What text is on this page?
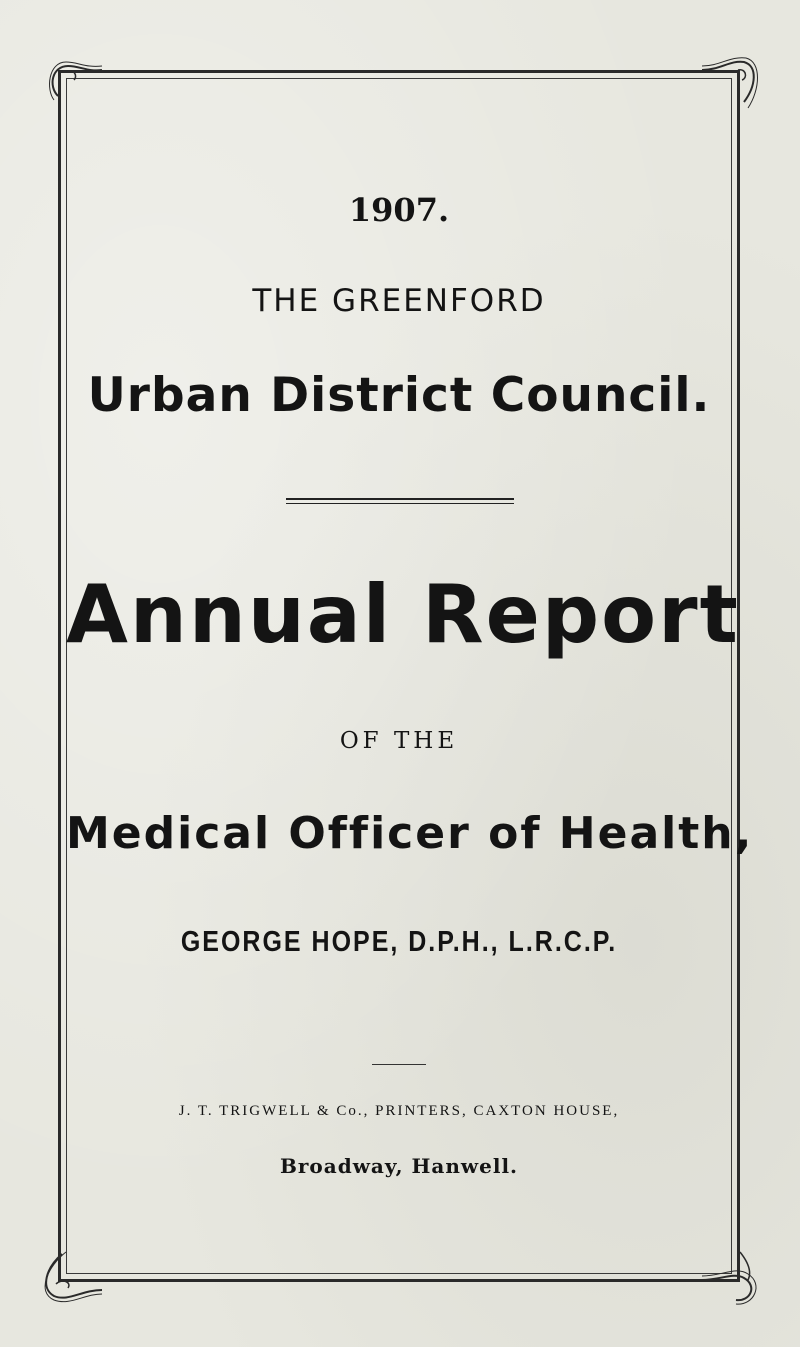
1907.
THE GREENFORD
Urban District Council.
Annual Report
OF THE
Medical Officer of Health,
GEORGE HOPE, D.P.H., L.R.C.P.
J. T. TRIGWELL & Co., PRINTERS, CAXTON HOUSE,
Broadway, Hanwell.
